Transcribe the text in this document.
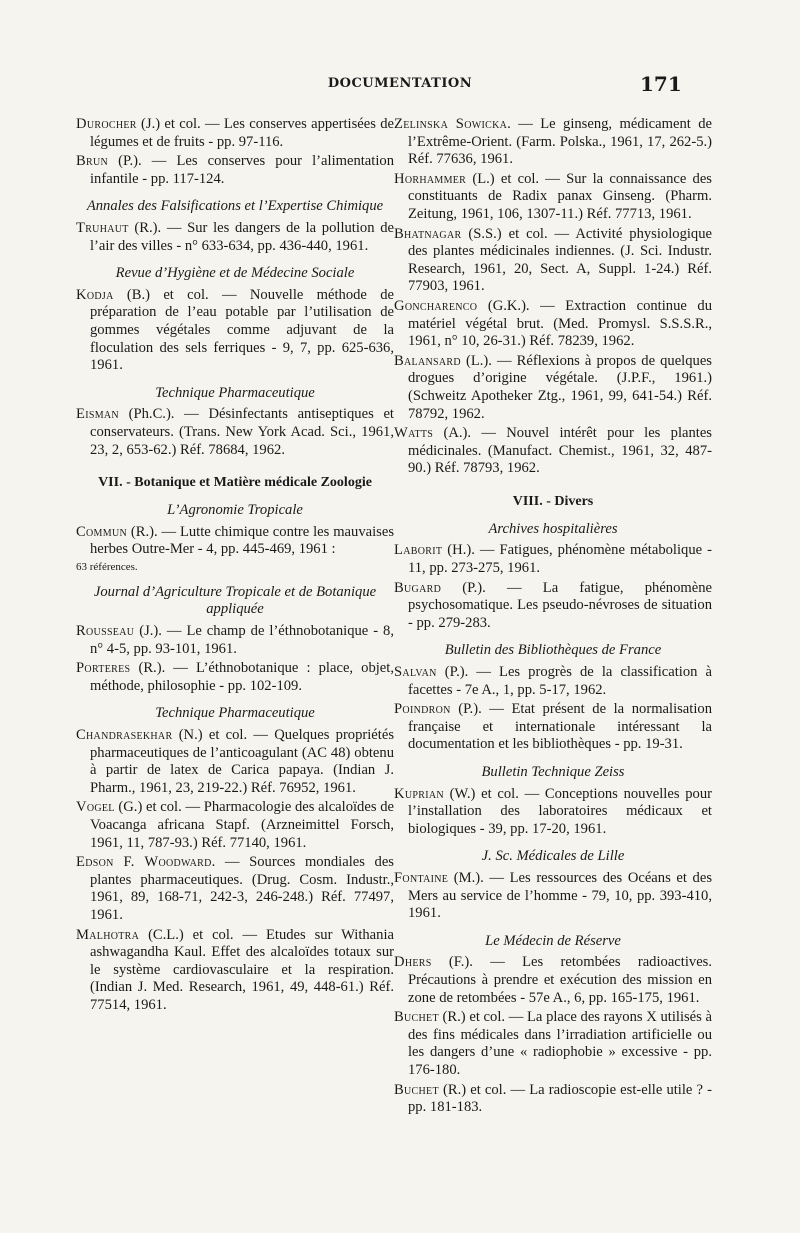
DOCUMENTATION	171
Durocher (J.) et col. — Les conserves appertisées de légumes et de fruits - pp. 97-116.
Brun (P.). — Les conserves pour l’alimentation infantile - pp. 117-124.
Annales des Falsifications et l’Expertise Chimique
Truhaut (R.). — Sur les dangers de la pollution de l’air des villes - n° 633-634, pp. 436-440, 1961.
Revue d’Hygiène et de Médecine Sociale
Kodja (B.) et col. — Nouvelle méthode de préparation de l’eau potable par l’utilisation de gommes végétales comme adjuvant de la floculation des sels ferriques - 9, 7, pp. 625-636, 1961.
Technique Pharmaceutique
Eisman (Ph.C.). — Désinfectants antiseptiques et conservateurs. (Trans. New York Acad. Sci., 1961, 23, 2, 653-62.) Réf. 78684, 1962.
VII. - Botanique et Matière médicale Zoologie
L’Agronomie Tropicale
Commun (R.). — Lutte chimique contre les mauvaises herbes Outre-Mer - 4, pp. 445-469, 1961 :
63 références.
Journal d’Agriculture Tropicale et de Botanique appliquée
Rousseau (J.). — Le champ de l’éthnobotanique - 8, n° 4-5, pp. 93-101, 1961.
Porteres (R.). — L’éthnobotanique : place, objet, méthode, philosophie - pp. 102-109.
Technique Pharmaceutique
Chandrasekhar (N.) et col. — Quelques propriétés pharmaceutiques de l’anticoagulant (AC 48) obtenu à partir de latex de Carica papaya. (Indian J. Pharm., 1961, 23, 219-22.) Réf. 76952, 1961.
Vogel (G.) et col. — Pharmacologie des alcaloïdes de Voacanga africana Stapf. (Arzneimittel Forsch, 1961, 11, 787-93.) Réf. 77140, 1961.
Edson F. Woodward. — Sources mondiales des plantes pharmaceutiques. (Drug. Cosm. Industr., 1961, 89, 168-71, 242-3, 246-248.) Réf. 77497, 1961.
Malhotra (C.L.) et col. — Etudes sur Withania ashwagandha Kaul. Effet des alcaloïdes totaux sur le système cardiovasculaire et la respiration. (Indian J. Med. Research, 1961, 49, 448-61.) Réf. 77514, 1961.
Zelinska Sowicka. — Le ginseng, médicament de l’Extrême-Orient. (Farm. Polska., 1961, 17, 262-5.) Réf. 77636, 1961.
Horhammer (L.) et col. — Sur la connaissance des constituants de Radix panax Ginseng. (Pharm. Zeitung, 1961, 106, 1307-11.) Réf. 77713, 1961.
Bhatnagar (S.S.) et col. — Activité physiologique des plantes médicinales indiennes. (J. Sci. Industr. Research, 1961, 20, Sect. A, Suppl. 1-24.) Réf. 77903, 1961.
Goncharenco (G.K.). — Extraction continue du matériel végétal brut. (Med. Promysl. S.S.S.R., 1961, n° 10, 26-31.) Réf. 78239, 1962.
Balansard (L.). — Réflexions à propos de quelques drogues d’origine végétale. (J.P.F., 1961.) (Schweitz Apotheker Ztg., 1961, 99, 641-54.) Réf. 78792, 1962.
Watts (A.). — Nouvel intérêt pour les plantes médicinales. (Manufact. Chemist., 1961, 32, 487-90.) Réf. 78793, 1962.
VIII. - Divers
Archives hospitalières
Laborit (H.). — Fatigues, phénomène métabolique - 11, pp. 273-275, 1961.
Bugard (P.). — La fatigue, phénomène psychosomatique. Les pseudo-névroses de situation - pp. 279-283.
Bulletin des Bibliothèques de France
Salvan (P.). — Les progrès de la classification à facettes - 7e A., 1, pp. 5-17, 1962.
Poindron (P.). — Etat présent de la normalisation française et internationale intéressant la documentation et les bibliothèques - pp. 19-31.
Bulletin Technique Zeiss
Kuprian (W.) et col. — Conceptions nouvelles pour l’installation des laboratoires médicaux et biologiques - 39, pp. 17-20, 1961.
J. Sc. Médicales de Lille
Fontaine (M.). — Les ressources des Océans et des Mers au service de l’homme - 79, 10, pp. 393-410, 1961.
Le Médecin de Réserve
Dhers (F.). — Les retombées radioactives. Précautions à prendre et exécution des mission en zone de retombées - 57e A., 6, pp. 165-175, 1961.
Buchet (R.) et col. — La place des rayons X utilisés à des fins médicales dans l’irradiation artificielle ou les dangers d’une « radiophobie » excessive - pp. 176-180.
Buchet (R.) et col. — La radioscopie est-elle utile ? - pp. 181-183.
